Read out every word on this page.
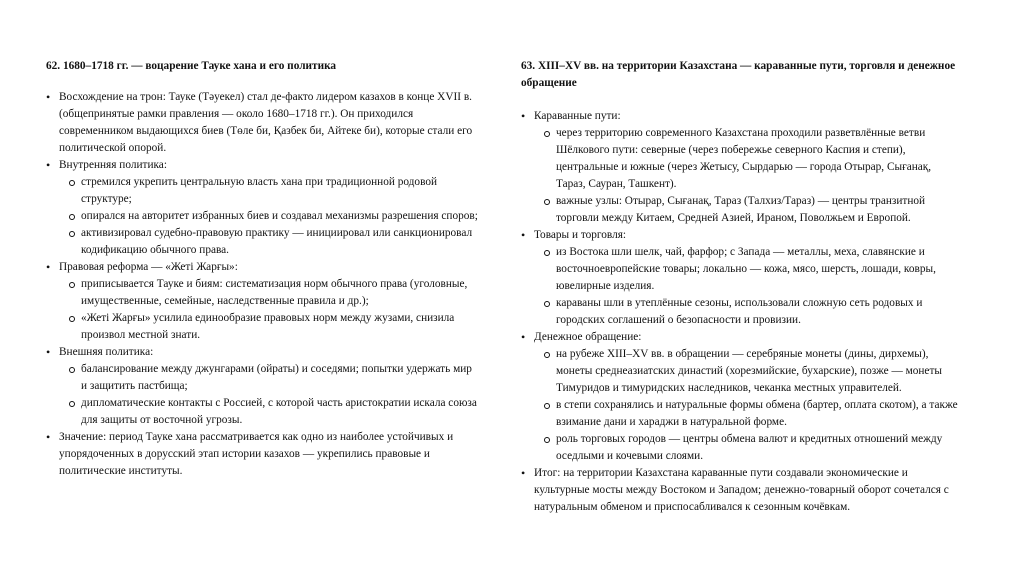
62. 1680–1718 гг. — воцарение Тауке хана и его политика
• Восхождение на трон: Тауке (Тәуекел) стал де-факто лидером казахов в конце XVII в. (общепринятые рамки правления — около 1680–1718 гг.). Он приходился современником выдающихся биев (Төле би, Қазбек би, Айтеке би), которые стали его политической опорой.
• Внутренняя политика:
стремился укрепить центральную власть хана при традиционной родовой структуре;
опирался на авторитет избранных биев и создавал механизмы разрешения споров;
активизировал судебно-правовую практику — инициировал или санкционировал кодификацию обычного права.
• Правовая реформа — «Жеті Жарғы»:
приписывается Тауке и биям: систематизация норм обычного права (уголовные, имущественные, семейные, наследственные правила и др.);
«Жеті Жарғы» усилила единообразие правовых норм между жузами, снизила произвол местной знати.
• Внешняя политика:
балансирование между джунгарами (ойраты) и соседями; попытки удержать мир и защитить пастбища;
дипломатические контакты с Россией, с которой часть аристократии искала союза для защиты от восточной угрозы.
• Значение: период Тауке хана рассматривается как одно из наиболее устойчивых и упорядоченных в дорусский этап истории казахов — укрепились правовые и политические институты.
63. XIII–XV вв. на территории Казахстана — караванные пути, торговля и денежное обращение
• Караванные пути:
через территорию современного Казахстана проходили разветвлённые ветви Шёлкового пути: северные (через побережье северного Каспия и степи), центральные и южные (через Жетысу, Сырдарью — города Отырар, Сығанақ, Тараз, Сауран, Ташкент).
важные узлы: Отырар, Сығанақ, Тараз (Талхиз/Тараз) — центры транзитной торговли между Китаем, Средней Азией, Ираном, Поволжьем и Европой.
• Товары и торговля:
из Востока шли шелк, чай, фарфор; с Запада — металлы, меха, славянские и восточноевропейские товары; локально — кожа, мясо, шерсть, лошади, ковры, ювелирные изделия.
караваны шли в утеплённые сезоны, использовали сложную сеть родовых и городских соглашений о безопасности и провизии.
• Денежное обращение:
на рубеже XIII–XV вв. в обращении — серебряные монеты (дины, дирхемы), монеты среднеазиатских династий (хорезмийские, бухарские), позже — монеты Тимуридов и тимуридских наследников, чеканка местных управителей.
в степи сохранялись и натуральные формы обмена (бартер, оплата скотом), а также взимание дани и хараджи в натуральной форме.
роль торговых городов — центры обмена валют и кредитных отношений между оседлыми и кочевыми слоями.
• Итог: на территории Казахстана караванные пути создавали экономические и культурные мосты между Востоком и Западом; денежно-товарный оборот сочетался с натуральным обменом и приспосабливался к сезонным кочёвкам.
